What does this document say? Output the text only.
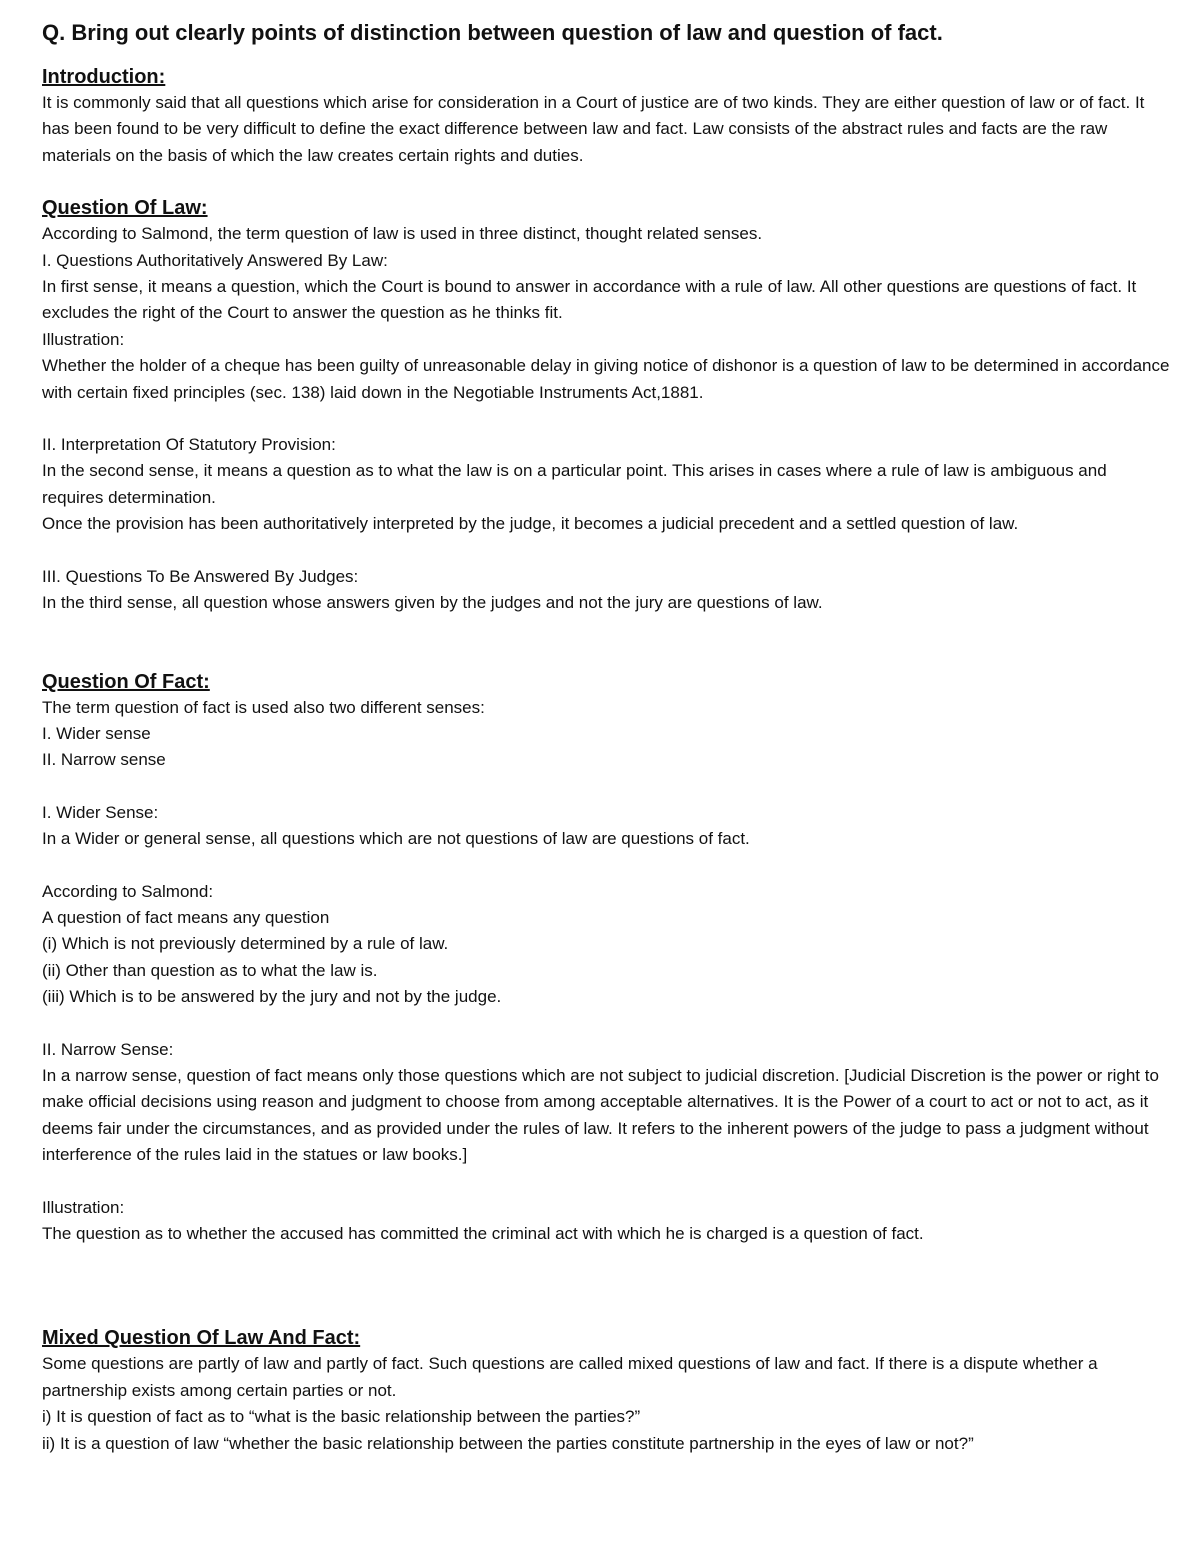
Q. Bring out clearly points of distinction between question of law and question of fact.

Introduction:

It is commonly said that all questions which arise for consideration in a Court of justice are of two kinds. They are either question of law or of fact. It has been found to be very difficult to define the exact difference between law and fact. Law consists of the abstract rules and facts are the raw materials on the basis of which the law creates certain rights and duties.

Question Of Law:

According to Salmond, the term question of law is used in three distinct, thought related senses.

I. Questions Authoritatively Answered By Law:

In first sense, it means a question, which the Court is bound to answer in accordance with a rule of law. All other questions are questions of fact. It excludes the right of the Court to answer the question as he thinks fit.

Illustration:

Whether the holder of a cheque has been guilty of unreasonable delay in giving notice of dishonor is a question of law to be determined in accordance with certain fixed principles (sec. 138) laid down in the Negotiable Instruments Act,1881.

II. Interpretation Of Statutory Provision:

In the second sense, it means a question as to what the law is on a particular point. This arises in cases where a rule of law is ambiguous and requires determination.

Once the provision has been authoritatively interpreted by the judge, it becomes a judicial precedent and a settled question of law.

III. Questions To Be Answered By Judges:

In the third sense, all question whose answers given by the judges and not the jury are questions of law.

Question Of Fact:

The term question of fact is used also two different senses:

I. Wider sense

II. Narrow sense

I. Wider Sense:

In a Wider or general sense, all questions which are not questions of law are questions of fact.

According to Salmond:

A question of fact means any question

(i) Which is not previously determined by a rule of law.

(ii) Other than question as to what the law is.

(iii) Which is to be answered by the jury and not by the judge.

II. Narrow Sense:

In a narrow sense, question of fact means only those questions which are not subject to judicial discretion. [Judicial Discretion is the power or right to make official decisions using reason and judgment to choose from among acceptable alternatives. It is the Power of a court to act or not to act, as it deems fair under the circumstances, and as provided under the rules of law. It refers to the inherent powers of the judge to pass a judgment without interference of the rules laid in the statues or law books.]

Illustration:

The question as to whether the accused has committed the criminal act with which he is charged is a question of fact.

Mixed Question Of Law And Fact:

Some questions are partly of law and partly of fact. Such questions are called mixed questions of law and fact. If there is a dispute whether a partnership exists among certain parties or not.

i) It is question of fact as to “what is the basic relationship between the parties?”

ii) It is a question of law “whether the basic relationship between the parties constitute partnership in the eyes of law or not?”
